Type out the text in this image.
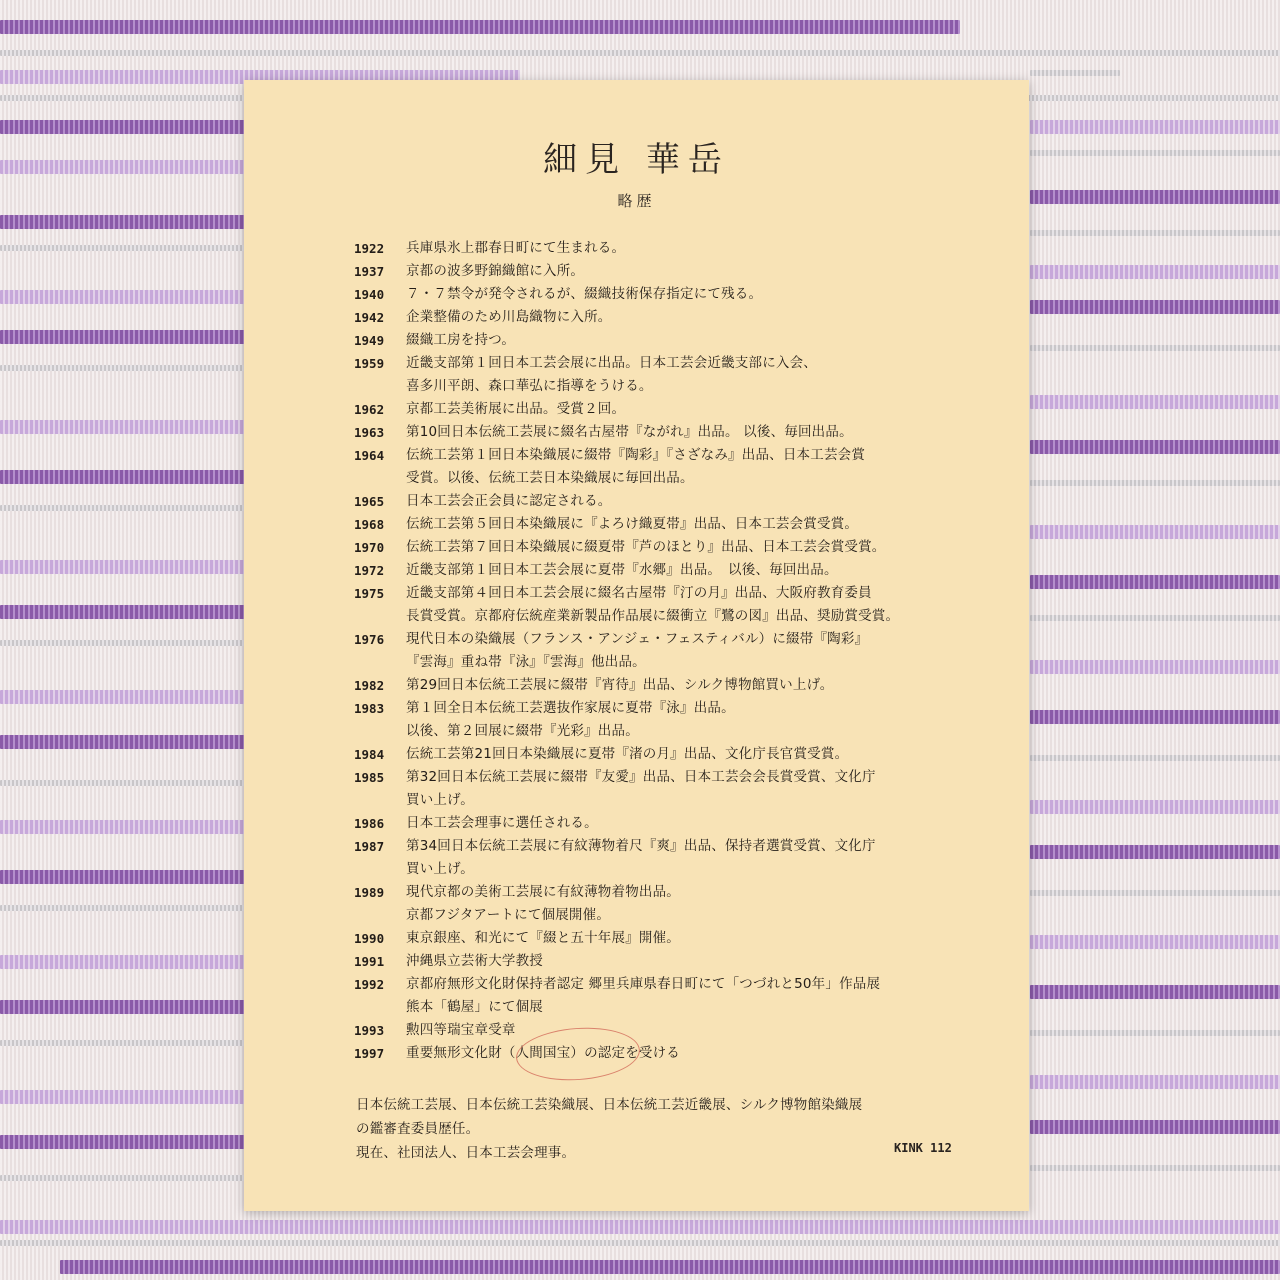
細見 華岳
略歴
1922	兵庫県氷上郡春日町にて生まれる。
1937	京都の波多野錦織館に入所。
1940	７・７禁令が発令されるが、綴織技術保存指定にて残る。
1942	企業整備のため川島織物に入所。
1949	綴織工房を持つ。
1959	近畿支部第１回日本工芸会展に出品。日本工芸会近畿支部に入会、
喜多川平朗、森口華弘に指導をうける。
1962	京都工芸美術展に出品。受賞２回。
1963	第10回日本伝統工芸展に綴名古屋帯『ながれ』出品。 以後、毎回出品。
1964	伝統工芸第１回日本染織展に綴帯『陶彩』『さざなみ』出品、日本工芸会賞
受賞。以後、伝統工芸日本染織展に毎回出品。
1965	日本工芸会正会員に認定される。
1968	伝統工芸第５回日本染織展に『よろけ織夏帯』出品、日本工芸会賞受賞。
1970	伝統工芸第７回日本染織展に綴夏帯『芦のほとり』出品、日本工芸会賞受賞。
1972	近畿支部第１回日本工芸会展に夏帯『水郷』出品。　以後、毎回出品。
1975	近畿支部第４回日本工芸会展に綴名古屋帯『汀の月』出品、大阪府教育委員
長賞受賞。京都府伝統産業新製品作品展に綴衝立『鷺の図』出品、奨励賞受賞。
1976	現代日本の染織展（フランス・アンジェ・フェスティバル）に綴帯『陶彩』
『雲海』重ね帯『泳』『雲海』他出品。
1982	第29回日本伝統工芸展に綴帯『宵待』出品、シルク博物館買い上げ。
1983	第１回全日本伝統工芸選抜作家展に夏帯『泳』出品。
以後、第２回展に綴帯『光彩』出品。
1984	伝統工芸第21回日本染織展に夏帯『渚の月』出品、文化庁長官賞受賞。
1985	第32回日本伝統工芸展に綴帯『友愛』出品、日本工芸会会長賞受賞、文化庁
買い上げ。
1986	日本工芸会理事に選任される。
1987	第34回日本伝統工芸展に有紋薄物着尺『爽』出品、保持者選賞受賞、文化庁
買い上げ。
1989	現代京都の美術工芸展に有紋薄物着物出品。
京都フジタアートにて個展開催。
1990	東京銀座、和光にて『綴と五十年展』開催。
1991	沖縄県立芸術大学教授
1992	京都府無形文化財保持者認定 郷里兵庫県春日町にて「つづれと50年」作品展
熊本「鶴屋」にて個展
1993	勲四等瑞宝章受章
1997	重要無形文化財（人間国宝）の認定を受ける
日本伝統工芸展、日本伝統工芸染織展、日本伝統工芸近畿展、シルク博物館染織展
の鑑審査委員歴任。
現在、社団法人、日本工芸会理事。	KINK 112
